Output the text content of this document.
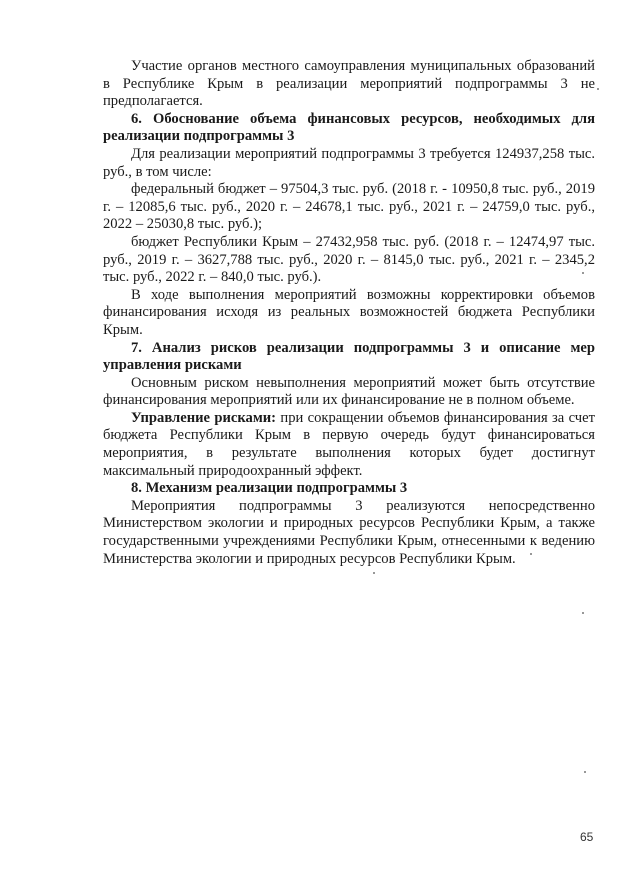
Участие органов местного самоуправления муниципальных образований в Республике Крым в реализации мероприятий подпрограммы 3 не предполагается.

6. Обоснование объема финансовых ресурсов, необходимых для реализации подпрограммы 3

Для реализации мероприятий подпрограммы 3 требуется 124937,258 тыс. руб., в том числе:

федеральный бюджет – 97504,3 тыс. руб. (2018 г. - 10950,8 тыс. руб., 2019 г. – 12085,6 тыс. руб., 2020 г. – 24678,1 тыс. руб., 2021 г. – 24759,0 тыс. руб., 2022 – 25030,8 тыс. руб.);

бюджет Республики Крым – 27432,958 тыс. руб. (2018 г. – 12474,97 тыс. руб., 2019 г. – 3627,788 тыс. руб., 2020 г. – 8145,0 тыс. руб., 2021 г. – 2345,2 тыс. руб., 2022 г. – 840,0 тыс. руб.).

В ходе выполнения мероприятий возможны корректировки объемов финансирования исходя из реальных возможностей бюджета Республики Крым.

7. Анализ рисков реализации подпрограммы 3 и описание мер управления рисками

Основным риском невыполнения мероприятий может быть отсутствие финансирования мероприятий или их финансирование не в полном объеме.

Управление рисками: при сокращении объемов финансирования за счет бюджета Республики Крым в первую очередь будут финансироваться мероприятия, в результате выполнения которых будет достигнут максимальный природоохранный эффект.

8. Механизм реализации подпрограммы 3

Мероприятия подпрограммы 3 реализуются непосредственно Министерством экологии и природных ресурсов Республики Крым, а также государственными учреждениями Республики Крым, отнесенными к ведению Министерства экологии и природных ресурсов Республики Крым.

65
